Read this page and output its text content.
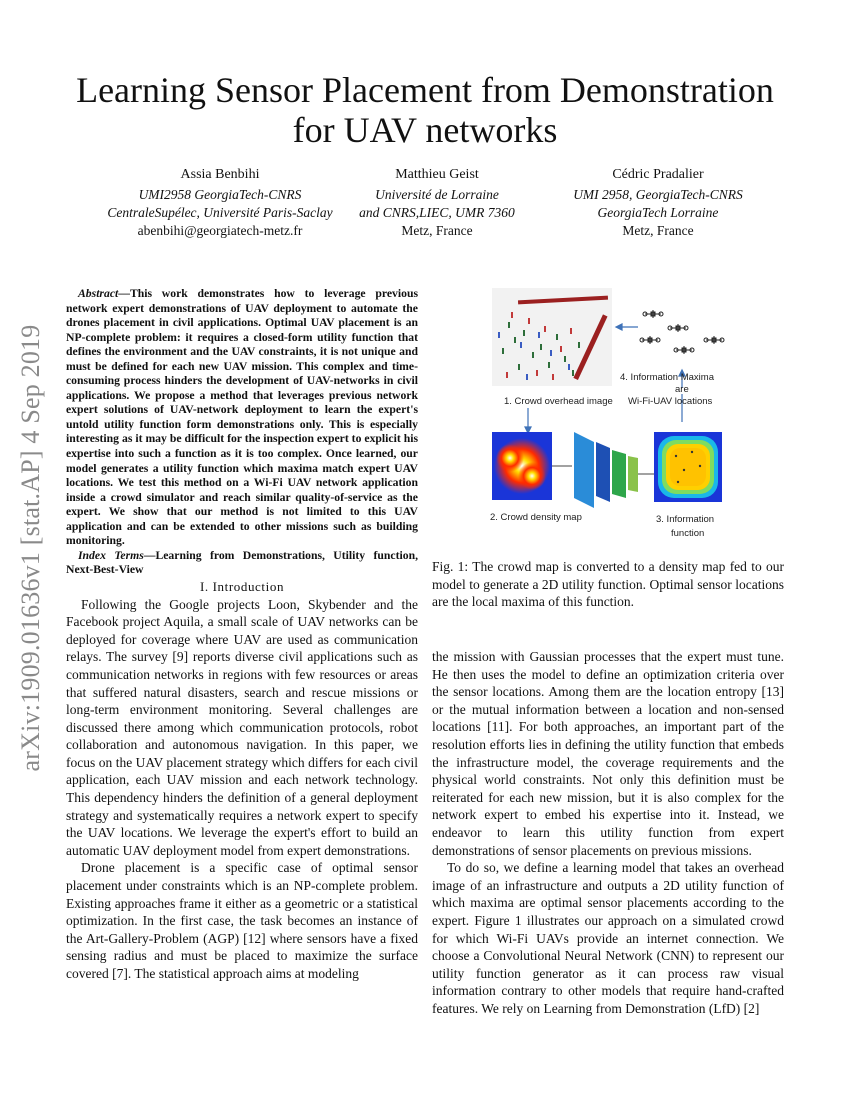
arXiv:1909.01636v1 [stat.AP] 4 Sep 2019
Learning Sensor Placement from Demonstration
for UAV networks
Assia Benbihi
UMI2958 GeorgiaTech-CNRS
CentraleSupélec, Université Paris-Saclay
abenbihi@georgiatech-metz.fr
Matthieu Geist
Université de Lorraine
and CNRS,LIEC, UMR 7360
Metz, France
Cédric Pradalier
UMI 2958, GeorgiaTech-CNRS
GeorgiaTech Lorraine
Metz, France

Abstract—This work demonstrates how to leverage previous network expert demonstrations of UAV deployment to automate the drones placement in civil applications. Optimal UAV placement is an NP-complete problem: it requires a closed-form utility function that defines the environment and the UAV constraints, it is not unique and must be defined for each new UAV mission. This complex and time-consuming process hinders the development of UAV-networks in civil applications. We propose a method that leverages previous network expert solutions of UAV-network deployment to learn the expert's untold utility function form demonstrations only. This is especially interesting as it may be difficult for the inspection expert to explicit his expertise into such a function as it is too complex. Once learned, our model generates a utility function which maxima match expert UAV locations. We test this method on a Wi-Fi UAV network application inside a crowd simulator and reach similar quality-of-service as the expert. We show that our method is not limited to this UAV application and can be extended to other missions such as building monitoring.

Index Terms—Learning from Demonstrations, Utility function, Next-Best-View

I. Introduction

Following the Google projects Loon, Skybender and the Facebook project Aquila, a small scale of UAV networks can be deployed for coverage where UAV are used as communication relays. The survey [9] reports diverse civil applications such as communication networks in regions with few resources or areas that suffered natural disasters, search and rescue missions or long-term environment monitoring. Several challenges are discussed there among which communication protocols, robot collaboration and autonomous navigation. In this paper, we focus on the UAV placement strategy which differs for each civil application, each UAV mission and each network technology. This dependency hinders the definition of a general deployment strategy and systematically requires a network expert to specify the UAV locations. We leverage the expert's effort to build an automatic UAV deployment model from expert demonstrations.

Drone placement is a specific case of optimal sensor placement under constraints which is an NP-complete problem. Existing approaches frame it either as a geometric or a statistical optimization. In the first case, the task becomes an instance of the Art-Gallery-Problem (AGP) [12] where sensors have a fixed sensing radius and must be placed to maximize the surface covered [7]. The statistical approach aims at modeling

1. Crowd overhead image
4. Information Maxima
are
Wi-Fi-UAV locations
2. Crowd density map	3. Information
function
Fig. 1: The crowd map is converted to a density map fed to our model to generate a 2D utility function. Optimal sensor locations are the local maxima of this function.

the mission with Gaussian processes that the expert must tune. He then uses the model to define an optimization criteria over the sensor locations. Among them are the location entropy [13] or the mutual information between a location and non-sensed locations [11]. For both approaches, an important part of the resolution efforts lies in defining the utility function that embeds the infrastructure model, the coverage requirements and the physical world constraints. Not only this definition must be reiterated for each new mission, but it is also complex for the network expert to embed his expertise into it. Instead, we endeavor to learn this utility function from expert demonstrations of sensor placements on previous missions.

To do so, we define a learning model that takes an overhead image of an infrastructure and outputs a 2D utility function of which maxima are optimal sensor placements according to the expert. Figure 1 illustrates our approach on a simulated crowd for which Wi-Fi UAVs provide an internet connection. We choose a Convolutional Neural Network (CNN) to represent our utility function generator as it can process raw visual information contrary to other models that require hand-crafted features. We rely on Learning from Demonstration (LfD) [2]
